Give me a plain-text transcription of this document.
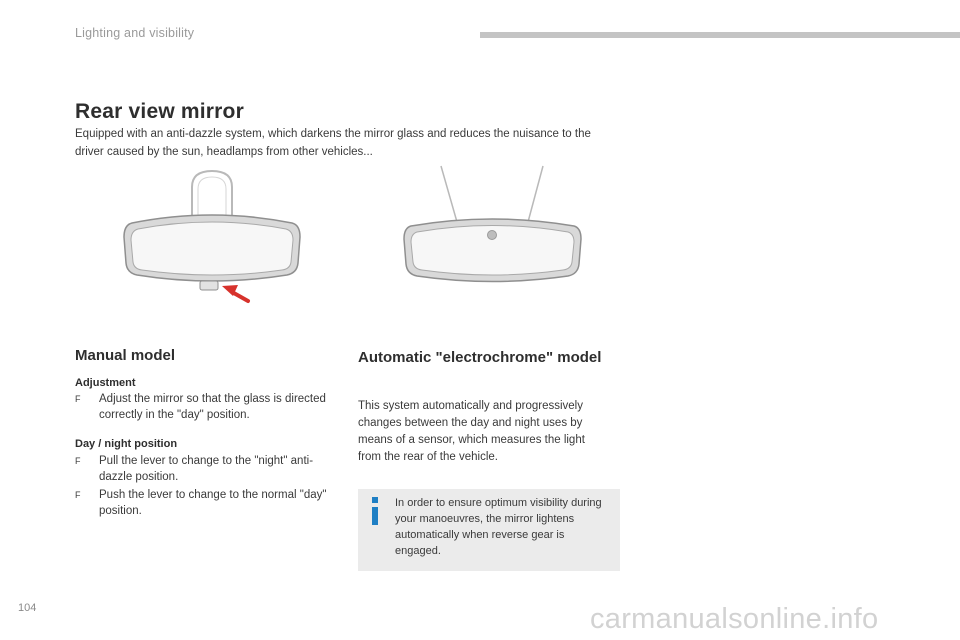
Lighting and visibility
Rear view mirror

Equipped with an anti-dazzle system, which darkens the mirror glass and reduces the nuisance to the driver caused by the sun, headlamps from other vehicles...

Manual model
Adjustment
F Adjust the mirror so that the glass is directed correctly in the "day" position.
Day / night position
F Pull the lever to change to the "night" anti-dazzle position.
F Push the lever to change to the normal "day" position.
Automatic "electrochrome" model

This system automatically and progressively changes between the day and night uses by means of a sensor, which measures the light from the rear of the vehicle.

In order to ensure optimum visibility during your manoeuvres, the mirror lightens automatically when reverse gear is engaged.

104	carmanualsonline.info
